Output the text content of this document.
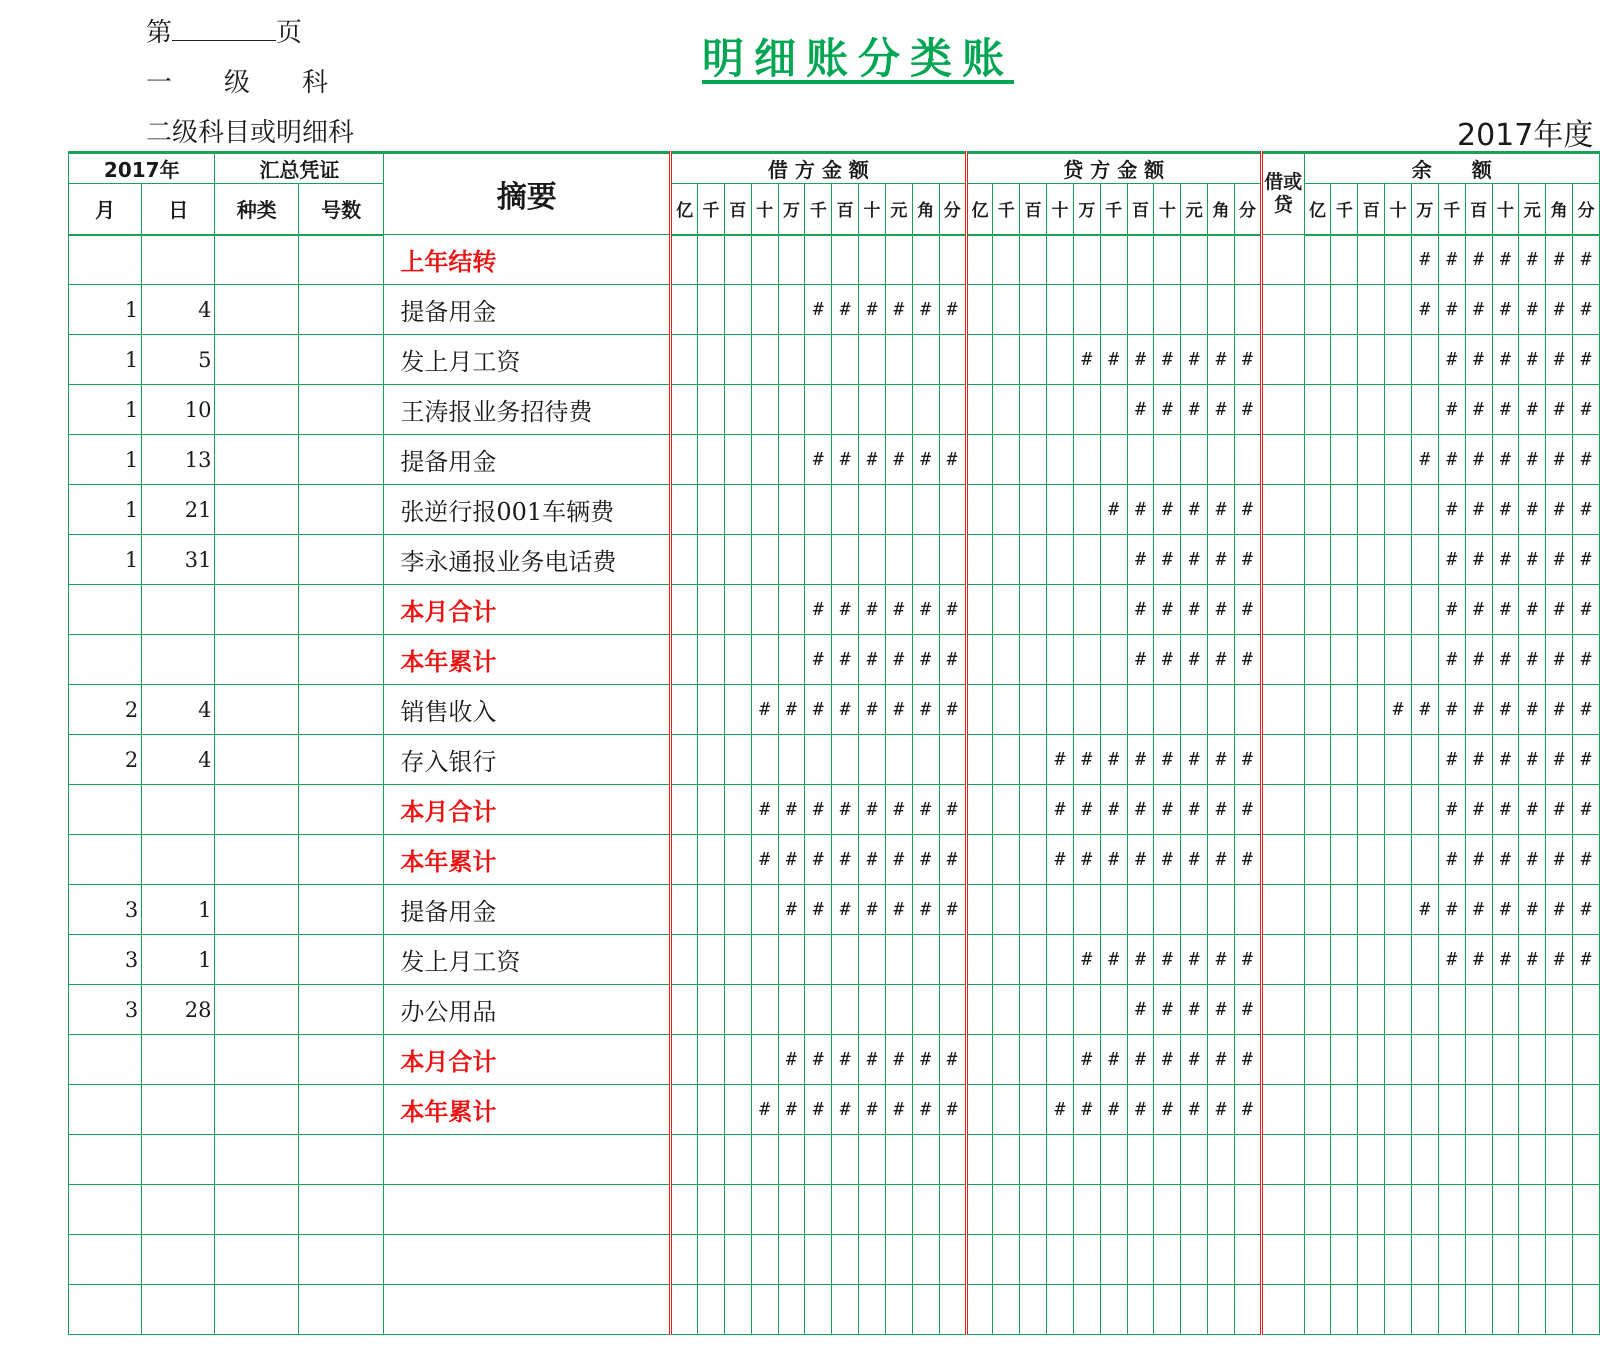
第	页
一　　级　　科
二级科目或明细科
明细账分类账
2017年度
2017年		汇总凭证		摘要	借 方 金 额											贷 方 金 额											借或贷	余　　额										
月	日	种类	号数		亿	千	百	十	万	千	百	十	元	角	分	亿	千	百	十	万	千	百	十	元	角	分		亿	千	百	十	万	千	百	十	元	角	分
				上年结转																												#	#	#	#	#	#	#
1	4			提备用金						#	#	#	#	#	#																	#	#	#	#	#	#	#
1	5			发上月工资																#	#	#	#	#	#	#							#	#	#	#	#	#
1	10			王涛报业务招待费																		#	#	#	#	#							#	#	#	#	#	#
1	13			提备用金						#	#	#	#	#	#																	#	#	#	#	#	#	#
1	21			张逆行报001车辆费																	#	#	#	#	#	#							#	#	#	#	#	#
1	31			李永通报业务电话费																		#	#	#	#	#							#	#	#	#	#	#
				本月合计						#	#	#	#	#	#							#	#	#	#	#							#	#	#	#	#	#
				本年累计						#	#	#	#	#	#							#	#	#	#	#							#	#	#	#	#	#
2	4			销售收入				#	#	#	#	#	#	#	#																#	#	#	#	#	#	#	#
2	4			存入银行															#	#	#	#	#	#	#	#							#	#	#	#	#	#
				本月合计				#	#	#	#	#	#	#	#				#	#	#	#	#	#	#	#							#	#	#	#	#	#
				本年累计				#	#	#	#	#	#	#	#				#	#	#	#	#	#	#	#							#	#	#	#	#	#
3	1			提备用金					#	#	#	#	#	#	#																	#	#	#	#	#	#	#
3	1			发上月工资																#	#	#	#	#	#	#							#	#	#	#	#	#
3	28			办公用品																		#	#	#	#	#												
				本月合计					#	#	#	#	#	#	#					#	#	#	#	#	#	#												
				本年累计				#	#	#	#	#	#	#	#				#	#	#	#	#	#	#	#												
